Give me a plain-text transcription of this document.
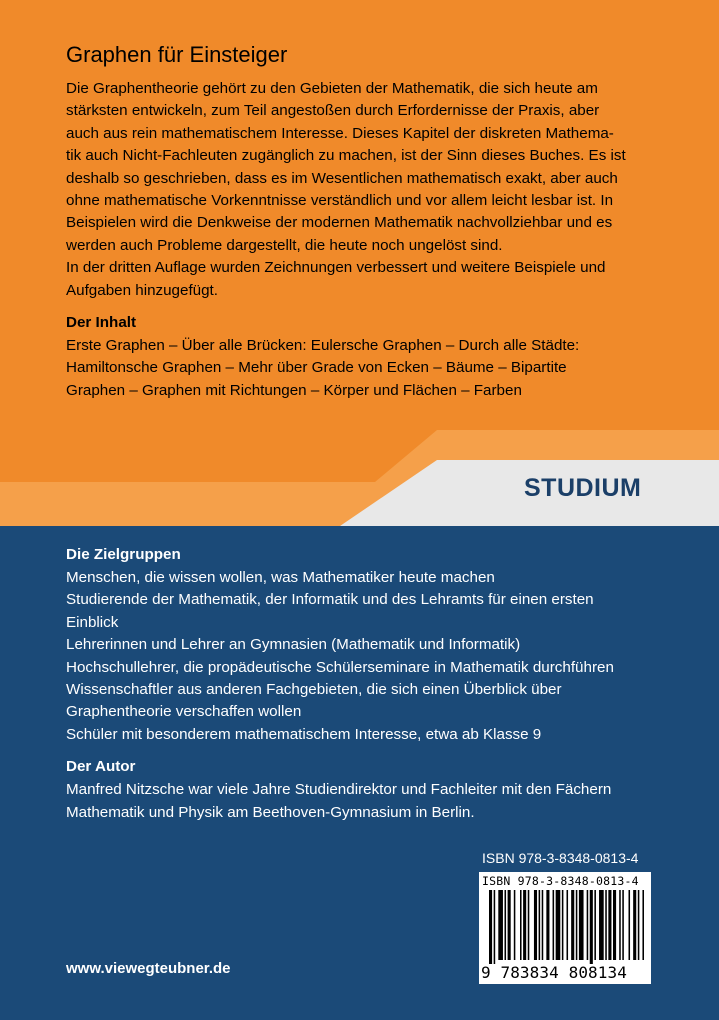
Graphen für Einsteiger

Die Graphentheorie gehört zu den Gebieten der Mathematik, die sich heute am
stärksten entwickeln, zum Teil angestoßen durch Erfordernisse der Praxis, aber
auch aus rein mathematischem Interesse. Dieses Kapitel der diskreten Mathema-
tik auch Nicht-Fachleuten zugänglich zu machen, ist der Sinn dieses Buches. Es ist
deshalb so geschrieben, dass es im Wesentlichen mathematisch exakt, aber auch
ohne mathematische Vorkenntnisse verständlich und vor allem leicht lesbar ist. In
Beispielen wird die Denkweise der modernen Mathematik nachvollziehbar und es
werden auch Probleme dargestellt, die heute noch ungelöst sind.
In der dritten Auflage wurden Zeichnungen verbessert und weitere Beispiele und
Aufgaben hinzugefügt.

Der Inhalt

Erste Graphen – Über alle Brücken: Eulersche Graphen – Durch alle Städte:
Hamiltonsche Graphen – Mehr über Grade von Ecken – Bäume – Bipartite
Graphen – Graphen mit Richtungen – Körper und Flächen – Farben

STUDIUM
Die Zielgruppen
Menschen, die wissen wollen, was Mathematiker heute machen
Studierende der Mathematik, der Informatik und des Lehramts für einen ersten
Einblick
Lehrerinnen und Lehrer an Gymnasien (Mathematik und Informatik)
Hochschullehrer, die propädeutische Schülerseminare in Mathematik durchführen
Wissenschaftler aus anderen Fachgebieten, die sich einen Überblick über
Graphentheorie verschaffen wollen
Schüler mit besonderem mathematischem Interesse, etwa ab Klasse 9
Der Autor

Manfred Nitzsche war viele Jahre Studiendirektor und Fachleiter mit den Fächern
Mathematik und Physik am Beethoven-Gymnasium in Berlin.

ISBN 978-3-8348-0813-4
ISBN 978-3-8348-0813-4
9 783834 808134
www.viewegteubner.de
